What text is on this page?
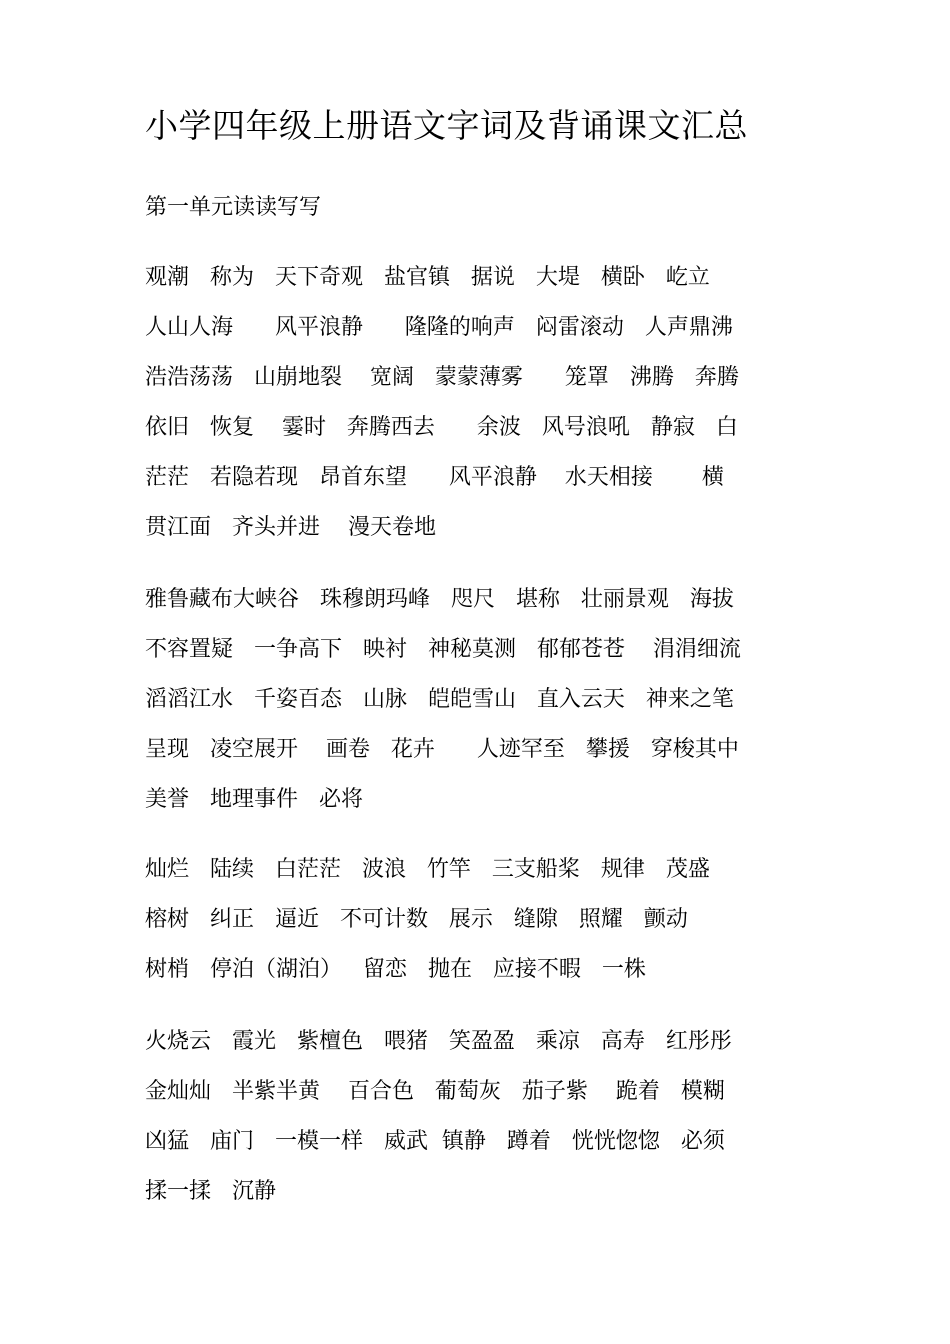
小学四年级上册语文字词及背诵课文汇总
第一单元读读写写
观潮   称为   天下奇观   盐官镇   据说   大堤   横卧   屹立
人山人海      风平浪静      隆隆的响声   闷雷滚动   人声鼎沸
浩浩荡荡   山崩地裂    宽阔   蒙蒙薄雾      笼罩   沸腾   奔腾
依旧   恢复    霎时   奔腾西去      余波   风号浪吼   静寂   白
茫茫   若隐若现   昂首东望      风平浪静    水天相接       横
贯江面   齐头并进    漫天卷地
雅鲁藏布大峡谷   珠穆朗玛峰   咫尺   堪称   壮丽景观   海拔
不容置疑   一争高下   映衬   神秘莫测   郁郁苍苍    涓涓细流
滔滔江水   千姿百态   山脉   皑皑雪山   直入云天   神来之笔
呈现   凌空展开    画卷   花卉      人迹罕至   攀援   穿梭其中
美誉   地理事件   必将
灿烂   陆续   白茫茫   波浪   竹竿   三支船桨   规律   茂盛
榕树   纠正   逼近   不可计数   展示   缝隙   照耀   颤动
树梢   停泊（湖泊）   留恋   抛在   应接不暇   一株
火烧云   霞光   紫檀色   喂猪   笑盈盈   乘凉   高寿   红彤彤
金灿灿   半紫半黄    百合色   葡萄灰   茄子紫    跪着   模糊
凶猛   庙门   一模一样   威武  镇静   蹲着   恍恍惚惚   必须
揉一揉   沉静
